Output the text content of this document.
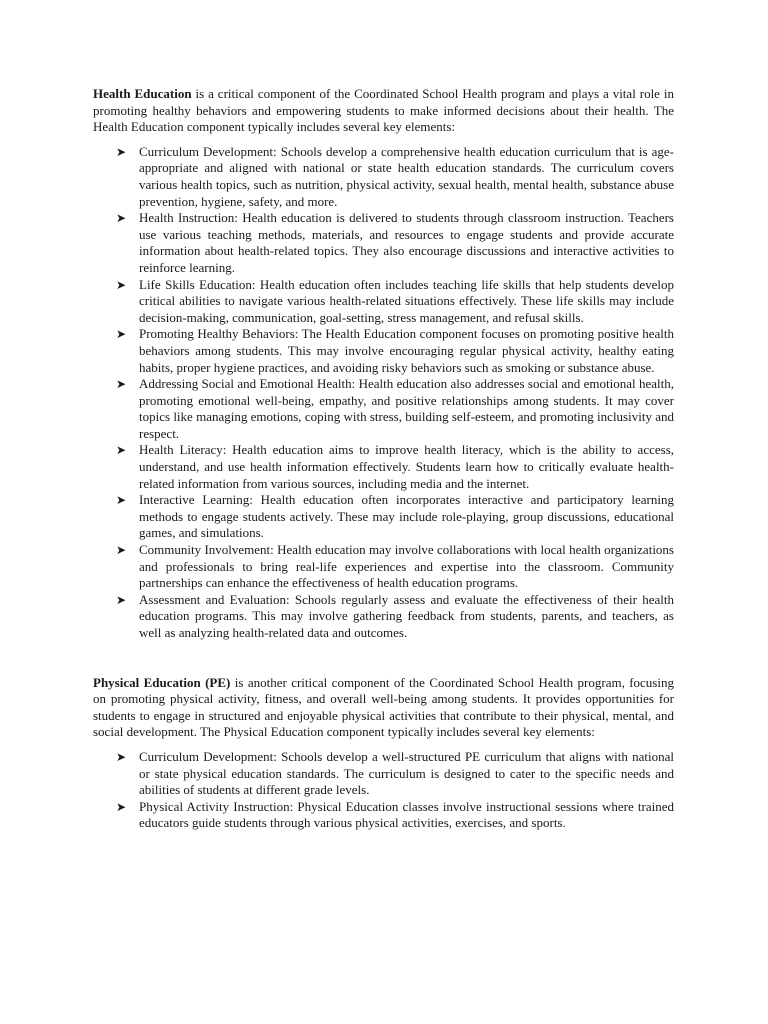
Health Education is a critical component of the Coordinated School Health program and plays a vital role in promoting healthy behaviors and empowering students to make informed decisions about their health. The Health Education component typically includes several key elements:

➤ Curriculum Development: Schools develop a comprehensive health education curriculum that is age-appropriate and aligned with national or state health education standards. The curriculum covers various health topics, such as nutrition, physical activity, sexual health, mental health, substance abuse prevention, hygiene, safety, and more.
➤ Health Instruction: Health education is delivered to students through classroom instruction. Teachers use various teaching methods, materials, and resources to engage students and provide accurate information about health-related topics. They also encourage discussions and interactive activities to reinforce learning.
➤ Life Skills Education: Health education often includes teaching life skills that help students develop critical abilities to navigate various health-related situations effectively. These life skills may include decision-making, communication, goal-setting, stress management, and refusal skills.
➤ Promoting Healthy Behaviors: The Health Education component focuses on promoting positive health behaviors among students. This may involve encouraging regular physical activity, healthy eating habits, proper hygiene practices, and avoiding risky behaviors such as smoking or substance abuse.
➤ Addressing Social and Emotional Health: Health education also addresses social and emotional health, promoting emotional well-being, empathy, and positive relationships among students. It may cover topics like managing emotions, coping with stress, building self-esteem, and promoting inclusivity and respect.
➤ Health Literacy: Health education aims to improve health literacy, which is the ability to access, understand, and use health information effectively. Students learn how to critically evaluate health-related information from various sources, including media and the internet.
➤ Interactive Learning: Health education often incorporates interactive and participatory learning methods to engage students actively. These may include role-playing, group discussions, educational games, and simulations.
➤ Community Involvement: Health education may involve collaborations with local health organizations and professionals to bring real-life experiences and expertise into the classroom. Community partnerships can enhance the effectiveness of health education programs.
➤ Assessment and Evaluation: Schools regularly assess and evaluate the effectiveness of their health education programs. This may involve gathering feedback from students, parents, and teachers, as well as analyzing health-related data and outcomes.

Physical Education (PE) is another critical component of the Coordinated School Health program, focusing on promoting physical activity, fitness, and overall well-being among students. It provides opportunities for students to engage in structured and enjoyable physical activities that contribute to their physical, mental, and social development. The Physical Education component typically includes several key elements:

➤ Curriculum Development: Schools develop a well-structured PE curriculum that aligns with national or state physical education standards. The curriculum is designed to cater to the specific needs and abilities of students at different grade levels.
➤ Physical Activity Instruction: Physical Education classes involve instructional sessions where trained educators guide students through various physical activities, exercises, and sports.
